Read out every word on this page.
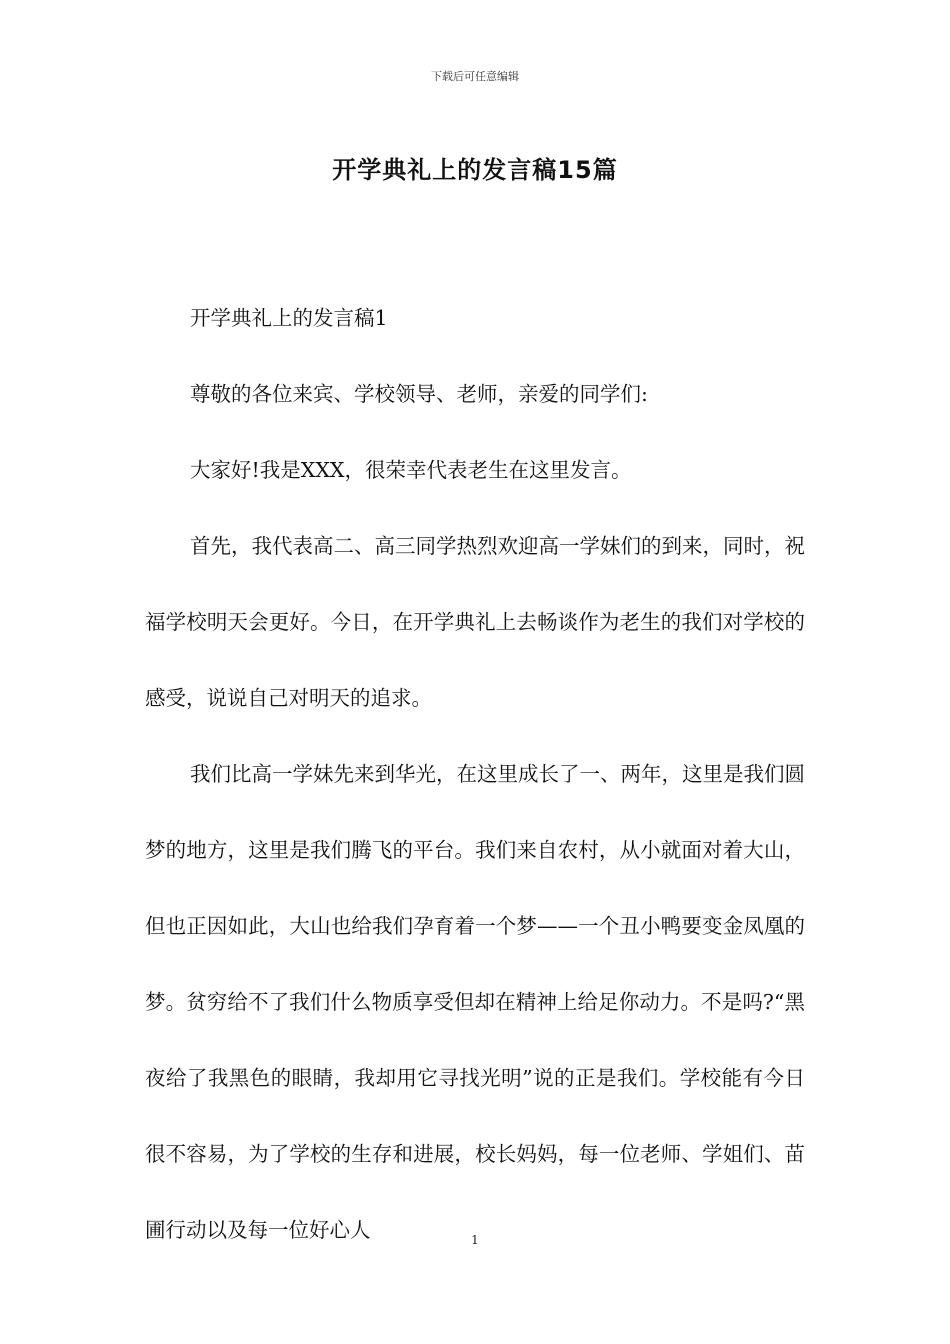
下载后可任意编辑
开学典礼上的发言稿15篇

开学典礼上的发言稿1

尊敬的各位来宾、学校领导、老师，亲爱的同学们:

大家好!我是XXX，很荣幸代表老生在这里发言。

首先，我代表高二、高三同学热烈欢迎高一学妹们的到来，同时，祝福学校明天会更好。今日，在开学典礼上去畅谈作为老生的我们对学校的感受，说说自己对明天的追求。

我们比高一学妹先来到华光，在这里成长了一、两年，这里是我们圆梦的地方，这里是我们腾飞的平台。我们来自农村，从小就面对着大山，但也正因如此，大山也给我们孕育着一个梦——一个丑小鸭要变金凤凰的梦。贫穷给不了我们什么物质享受但却在精神上给足你动力。不是吗?“黑夜给了我黑色的眼睛，我却用它寻找光明”说的正是我们。学校能有今日很不容易，为了学校的生存和进展，校长妈妈，每一位老师、学姐们、苗圃行动以及每一位好心人	1
